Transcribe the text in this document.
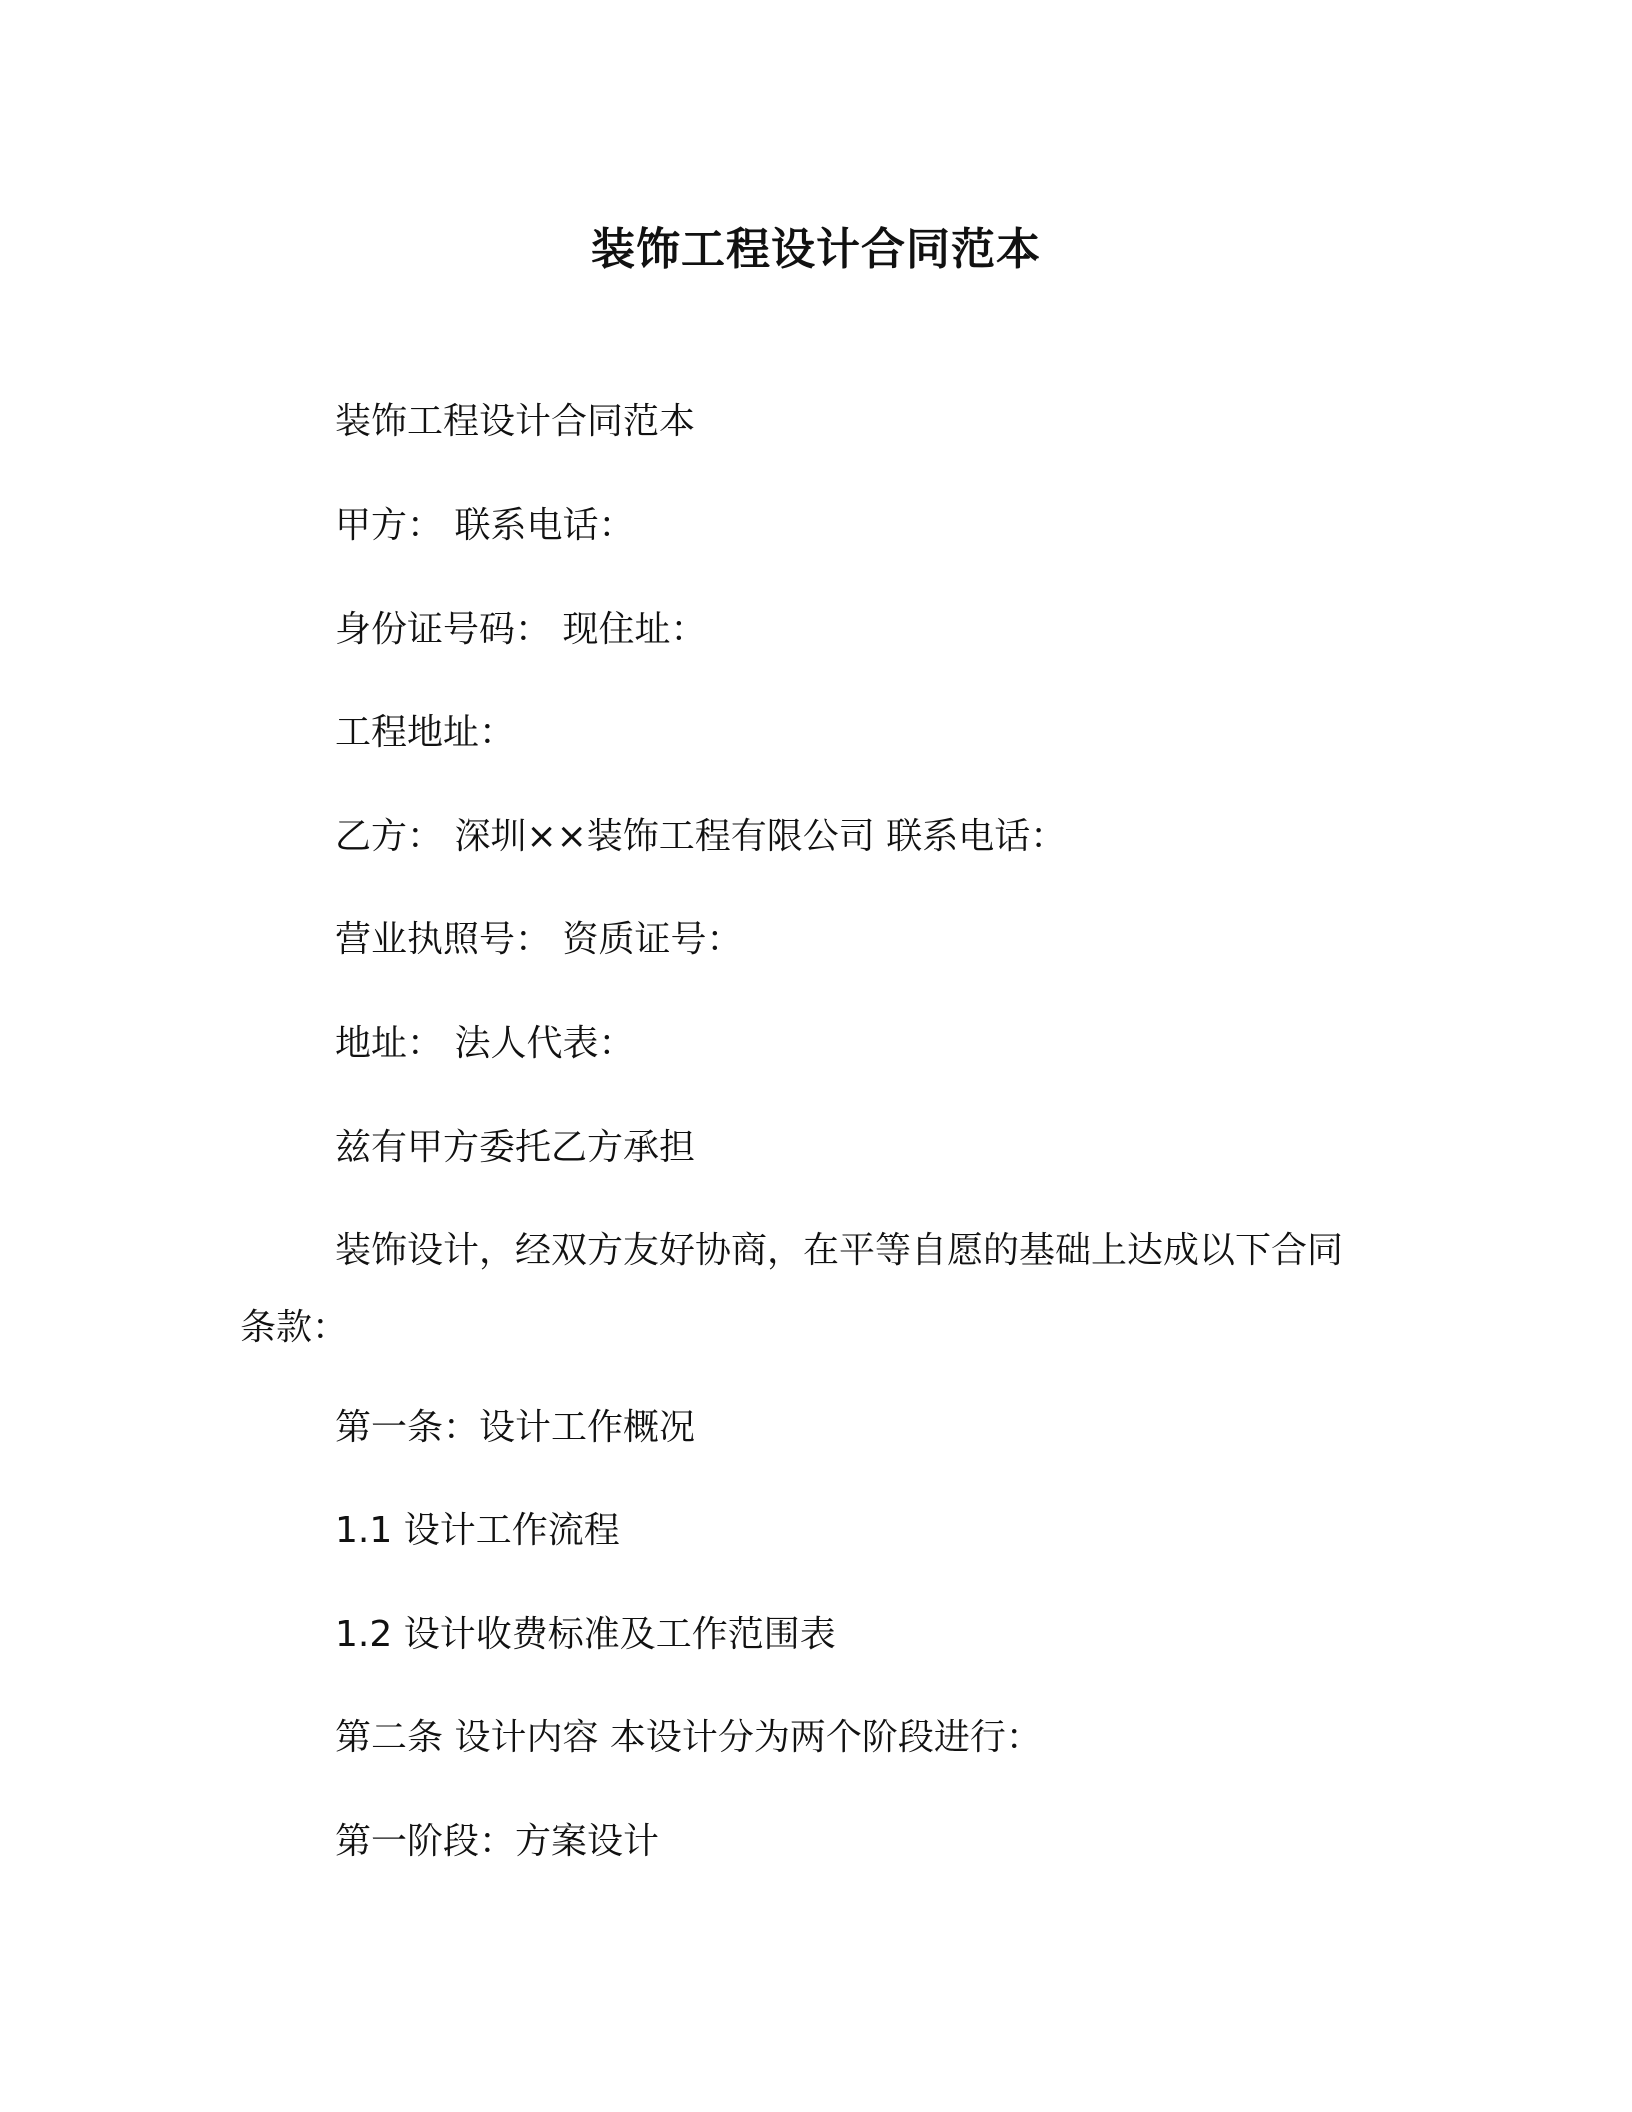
装饰工程设计合同范本
装饰工程设计合同范本
甲方： 联系电话：
身份证号码： 现住址：
工程地址：
乙方： 深圳××装饰工程有限公司 联系电话：
营业执照号： 资质证号：
地址： 法人代表：
兹有甲方委托乙方承担
装饰设计，经双方友好协商，在平等自愿的基础上达成以下合同
条款：
第一条：设计工作概况
1.1 设计工作流程
1.2 设计收费标准及工作范围表
第二条 设计内容 本设计分为两个阶段进行：
第一阶段：方案设计
